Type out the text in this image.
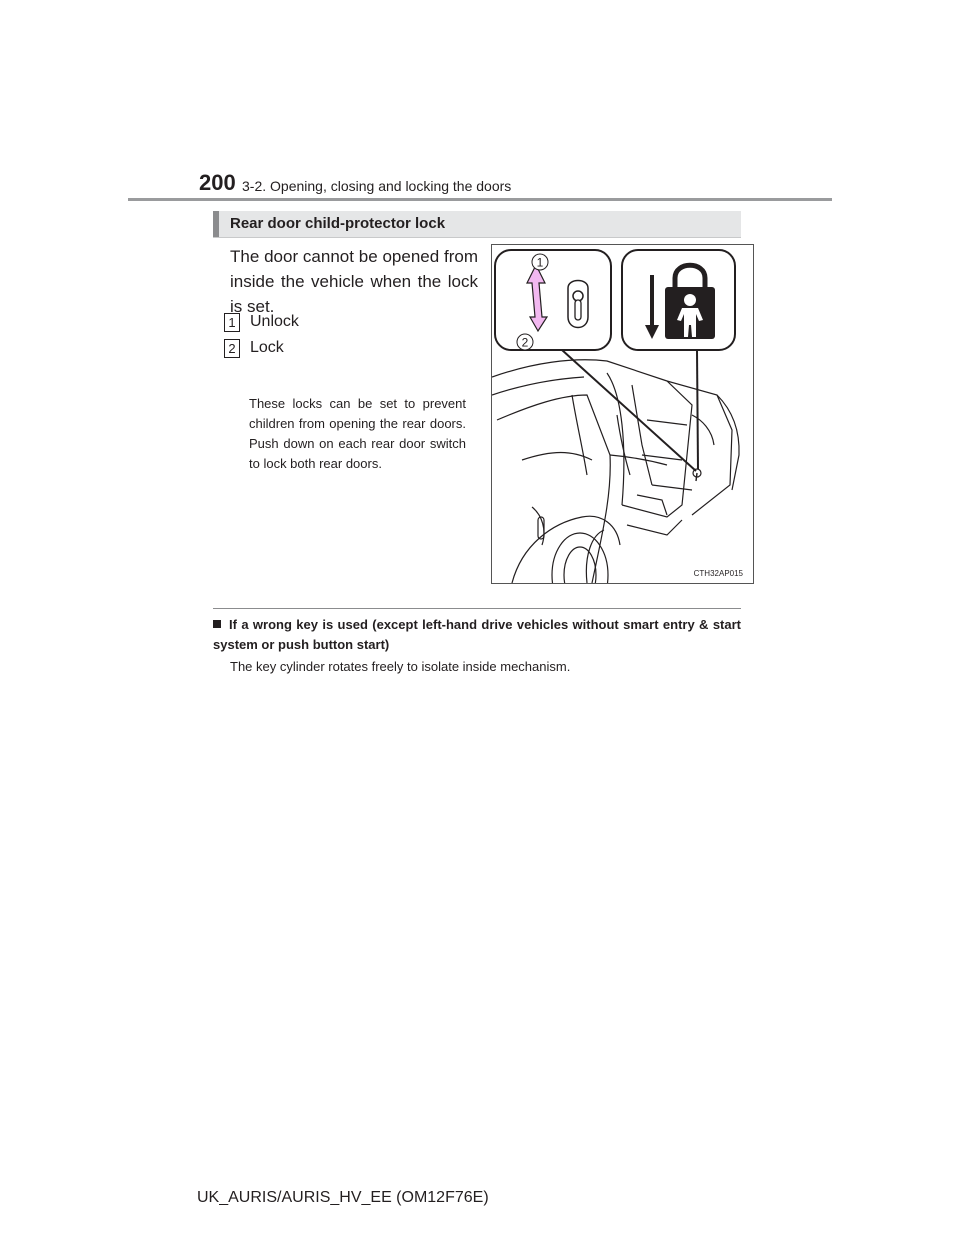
200 3-2. Opening, closing and locking the doors
Rear door child-protector lock
The door cannot be opened from inside the vehicle when the lock is set.
1 Unlock
2 Lock
These locks can be set to prevent children from opening the rear doors. Push down on each rear door switch to lock both rear doors.
1
2
CTH32AP015
If a wrong key is used (except left-hand drive vehicles without smart entry & start system or push button start)
The key cylinder rotates freely to isolate inside mechanism.
UK_AURIS/AURIS_HV_EE (OM12F76E)
